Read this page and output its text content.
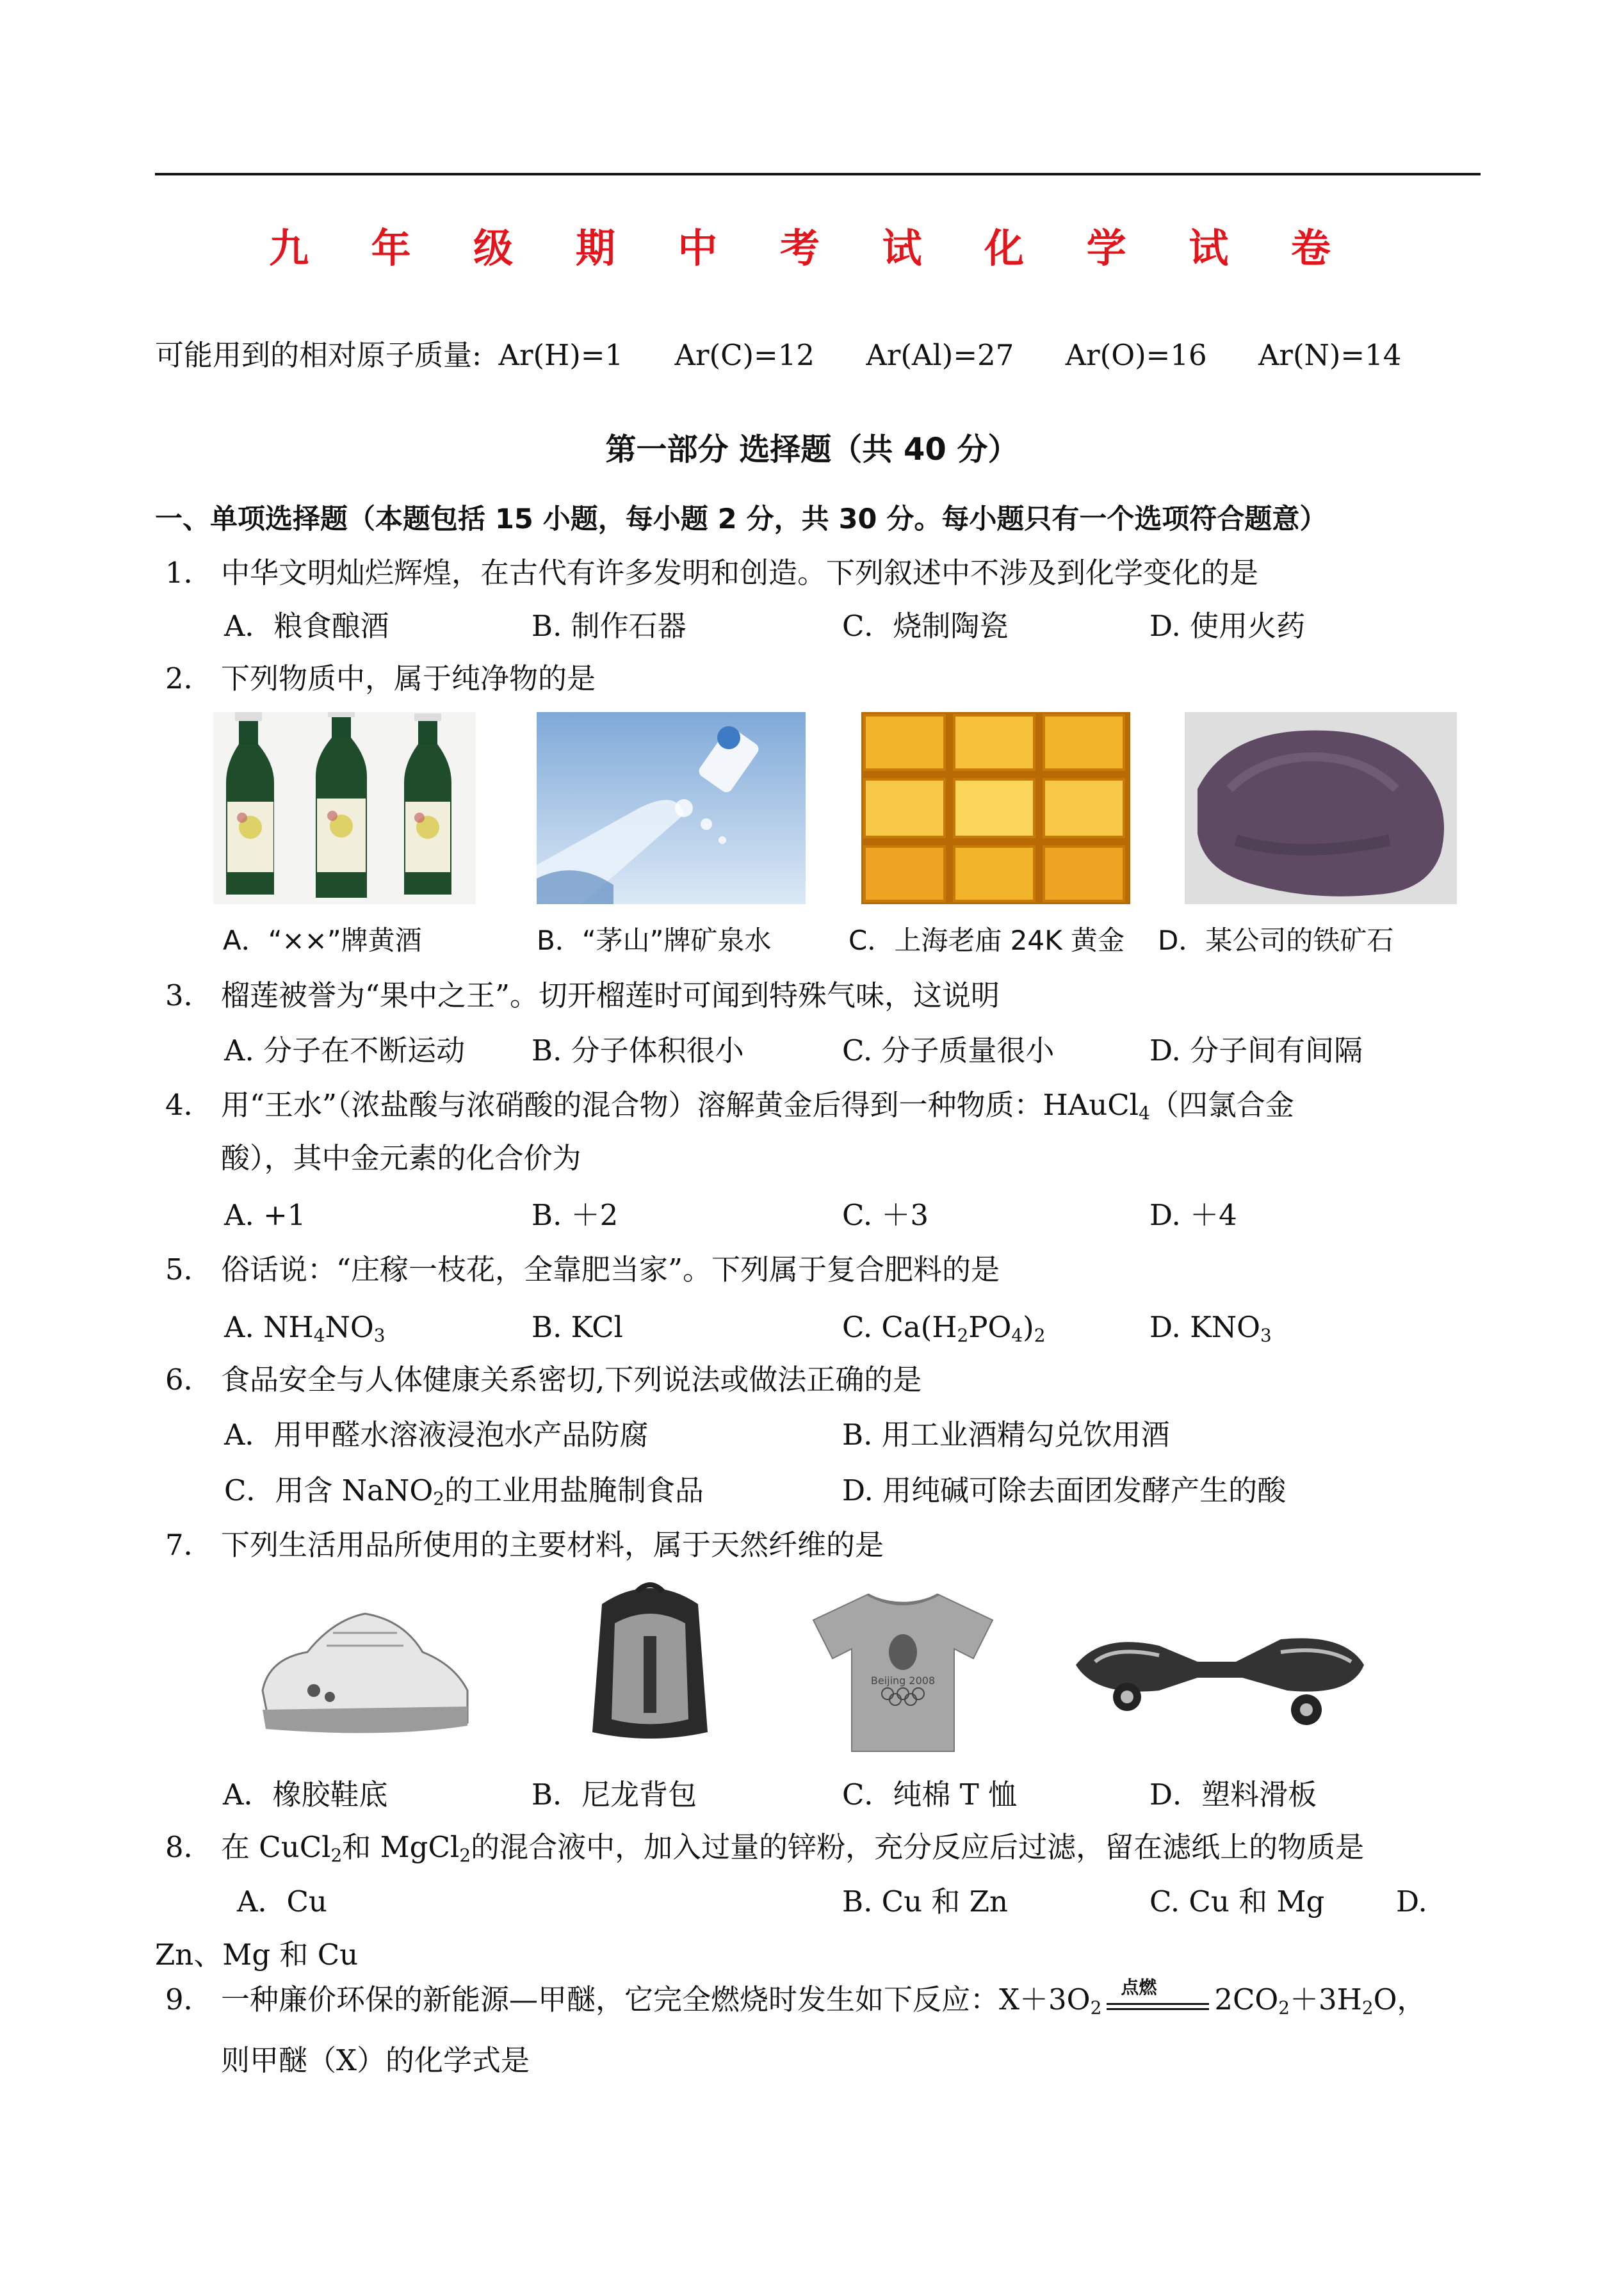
九 年 级 期 中 考 试 化 学 试 卷
可能用到的相对原子质量: Ar(H)=1 Ar(C)=12 Ar(Al)=27 Ar(O)=16 Ar(N)=14
第一部分 选择题（共 40 分）
一、单项选择题（本题包括 15 小题，每小题 2 分，共 30 分。每小题只有一个选项符合题意）
1． 中华文明灿烂辉煌，在古代有许多发明和创造。下列叙述中不涉及到化学变化的是
A．粮食酿酒	B. 制作石器	C．烧制陶瓷	D. 使用火药
2． 下列物质中，属于纯净物的是
A．“××”牌黄酒	B．“茅山”牌矿泉水	C．上海老庙 24K 黄金 D．某公司的铁矿石
3． 榴莲被誉为“果中之王”。切开榴莲时可闻到特殊气味，这说明
A. 分子在不断运动 B. 分子体积很小	C. 分子质量很小	D. 分子间有间隔
4． 用“王水”（浓盐酸与浓硝酸的混合物）溶解黄金后得到一种物质：HAuCl$_4$（四氯合金
酸），其中金元素的化合价为
A. +1	B. ＋2	C. ＋3	D. ＋4
5． 俗话说：“庄稼一枝花，全靠肥当家”。下列属于复合肥料的是
A. $NH_4NO_3$	B. KCl	C. $Ca(H_2PO_4)_2$	D. $KNO_3$
6． 食品安全与人体健康关系密切,下列说法或做法正确的是
A．用甲醛水溶液浸泡水产品防腐	B. 用工业酒精勾兑饮用酒
C．用含 NaNO$_2$的工业用盐腌制食品	D. 用纯碱可除去面团发酵产生的酸
7． 下列生活用品所使用的主要材料，属于天然纤维的是
Beijing 2008
A．橡胶鞋底	B．尼龙背包	C．纯棉 T 恤	D．塑料滑板
8． 在 CuCl$_2$和 MgCl$_2$的混合液中，加入过量的锌粉，充分反应后过滤，留在滤纸上的物质是
A．Cu	B. Cu 和 Zn	C. Cu 和 Mg D.
Zn、Mg 和 Cu
9． 一种廉价环保的新能源—甲醚，它完全燃烧时发生如下反应：$X+3O_2$
点燃 $2CO_2+3H_2O$，
则甲醚（X）的化学式是
